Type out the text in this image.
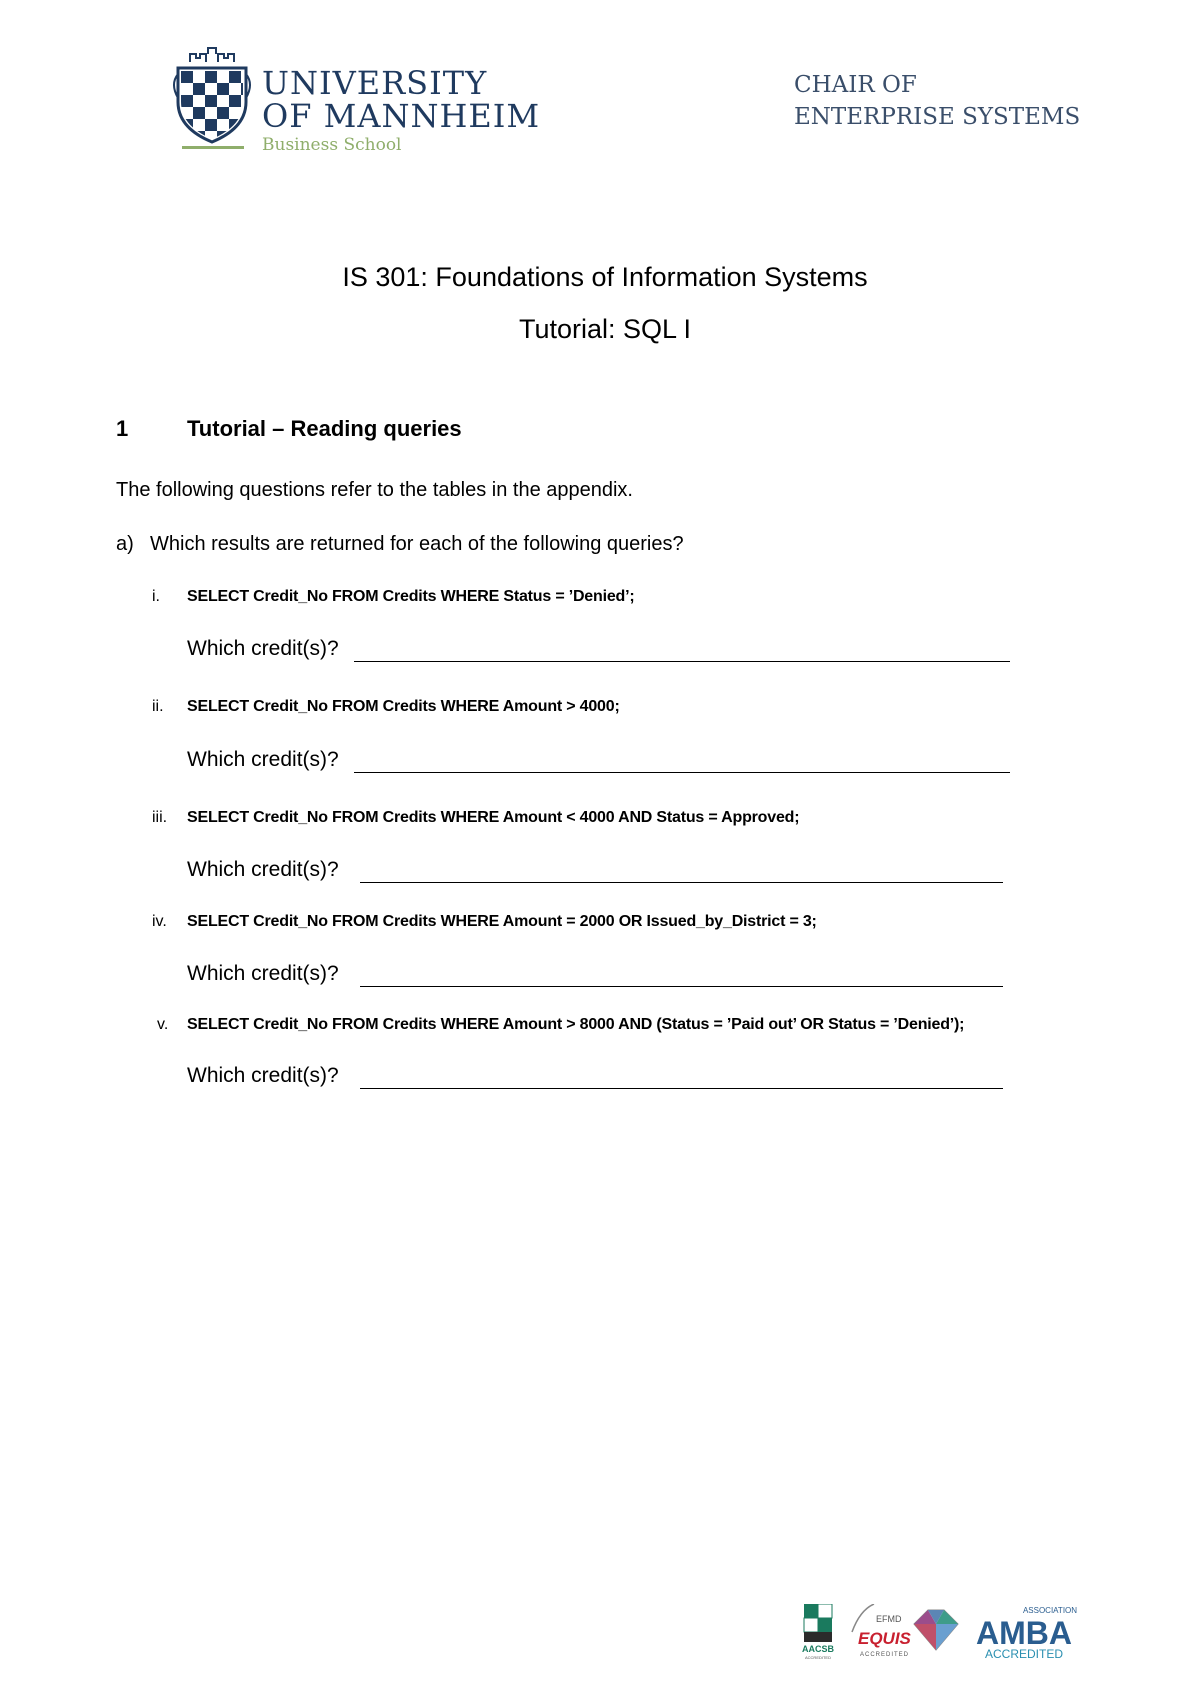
UNIVERSITY
OF MANNHEIM
Business School
CHAIR OF
ENTERPRISE SYSTEMS
IS 301: Foundations of Information Systems
Tutorial: SQL I
1	Tutorial – Reading queries
The following questions refer to the tables in the appendix.
a) Which results are returned for each of the following queries?
i. SELECT Credit_No FROM Credits WHERE Status = ’Denied’;
Which credit(s)?
ii. SELECT Credit_No FROM Credits WHERE Amount > 4000;
Which credit(s)?
iii. SELECT Credit_No FROM Credits WHERE Amount < 4000 AND Status = Approved;
Which credit(s)?
iv. SELECT Credit_No FROM Credits WHERE Amount = 2000 OR Issued_by_District = 3;
Which credit(s)?
v. SELECT Credit_No FROM Credits WHERE Amount > 8000 AND (Status = ’Paid out’ OR Status = ’Denied’);
Which credit(s)?
AACSB
ACCREDITED
EFMD
EQUIS
ACCREDITED
ASSOCIATION
AMBA
ACCREDITED
